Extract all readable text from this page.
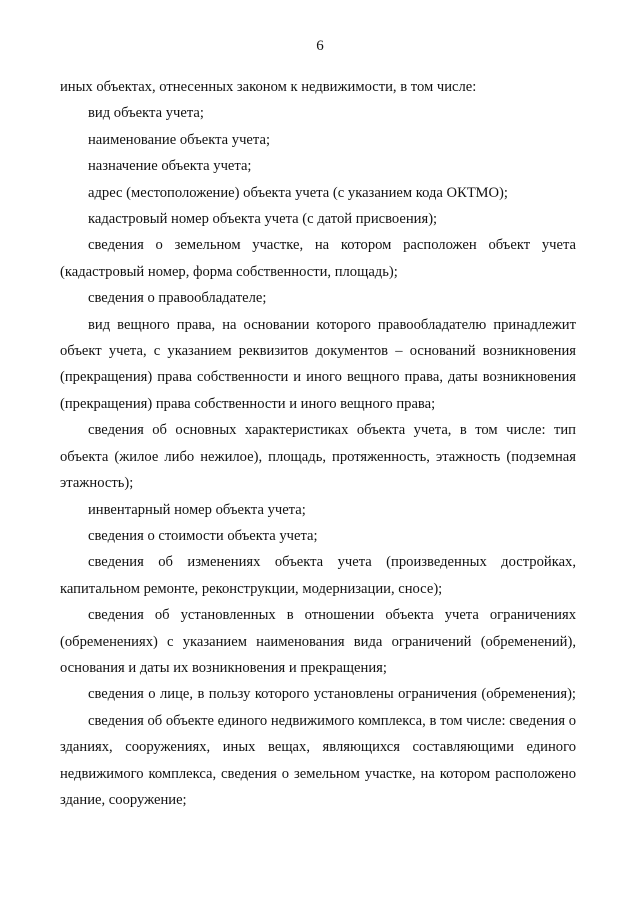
6

иных объектах, отнесенных законом к недвижимости, в том числе:

вид объекта учета;

наименование объекта учета;

назначение объекта учета;

адрес (местоположение) объекта учета (с указанием кода ОКТМО);

кадастровый номер объекта учета (с датой присвоения);

сведения о земельном участке, на котором расположен объект учета (кадастровый номер, форма собственности, площадь);

сведения о правообладателе;

вид вещного права, на основании которого правообладателю принадлежит объект учета, с указанием реквизитов документов – оснований возникновения (прекращения) права собственности и иного вещного права, даты возникновения (прекращения) права собственности и иного вещного права;

сведения об основных характеристиках объекта учета, в том числе: тип объекта (жилое либо нежилое), площадь, протяженность, этажность (подземная этажность);

инвентарный номер объекта учета;

сведения о стоимости объекта учета;

сведения об изменениях объекта учета (произведенных достройках, капитальном ремонте, реконструкции, модернизации, сносе);

сведения об установленных в отношении объекта учета ограничениях (обременениях) с указанием наименования вида ограничений (обременений), основания и даты их возникновения и прекращения;

сведения о лице, в пользу которого установлены ограничения (обременения);

сведения об объекте единого недвижимого комплекса, в том числе: сведения о зданиях, сооружениях, иных вещах, являющихся составляющими единого недвижимого комплекса, сведения о земельном участке, на котором расположено здание, сооружение;
